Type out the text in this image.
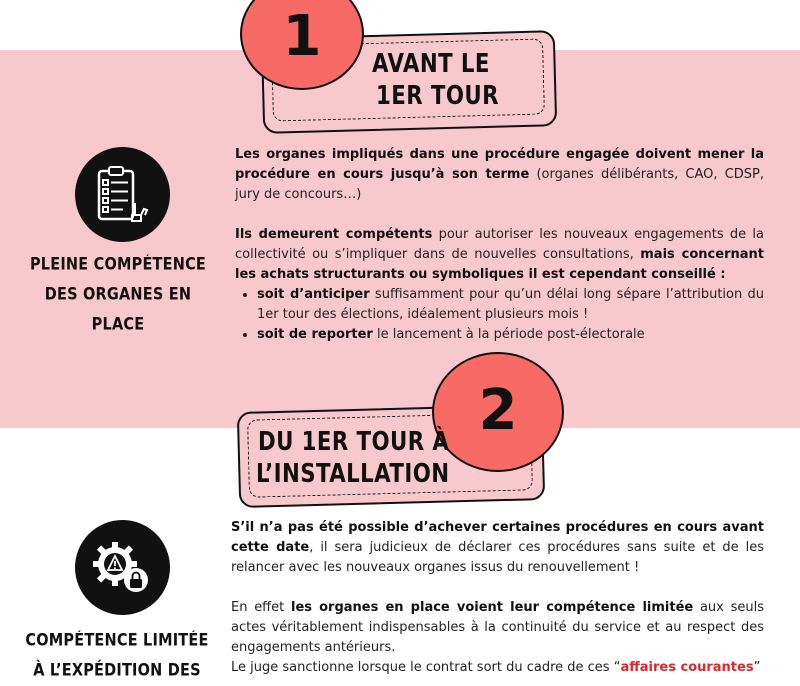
1	AVANT LE
1ER TOUR
PLEINE COMPÉTENCE DES ORGANES EN PLACE

Les organes impliqués dans une procédure engagée doivent mener la procédure en cours jusqu’à son terme (organes délibérants, CAO, CDSP, jury de concours…)

Ils demeurent compétents pour autoriser les nouveaux engagements de la collectivité ou s’impliquer dans de nouvelles consultations, mais concernant les achats structurants ou symboliques il est cependant conseillé :

• soit d’anticiper suffisamment pour qu’un délai long sépare l’attribution du 1er tour des élections, idéalement plusieurs mois !
• soit de reporter le lancement à la période post-électorale
2
DU 1ER TOUR À
L’INSTALLATION
COMPÉTENCE LIMITÉE À L’EXPÉDITION DES

S’il n’a pas été possible d’achever certaines procédures en cours avant cette date, il sera judicieux de déclarer ces procédures sans suite et de les relancer avec les nouveaux organes issus du renouvellement !

En effet les organes en place voient leur compétence limitée aux seuls actes véritablement indispensables à la continuité du service et au respect des engagements antérieurs.

Le juge sanctionne lorsque le contrat sort du cadre de ces “affaires courantes”
